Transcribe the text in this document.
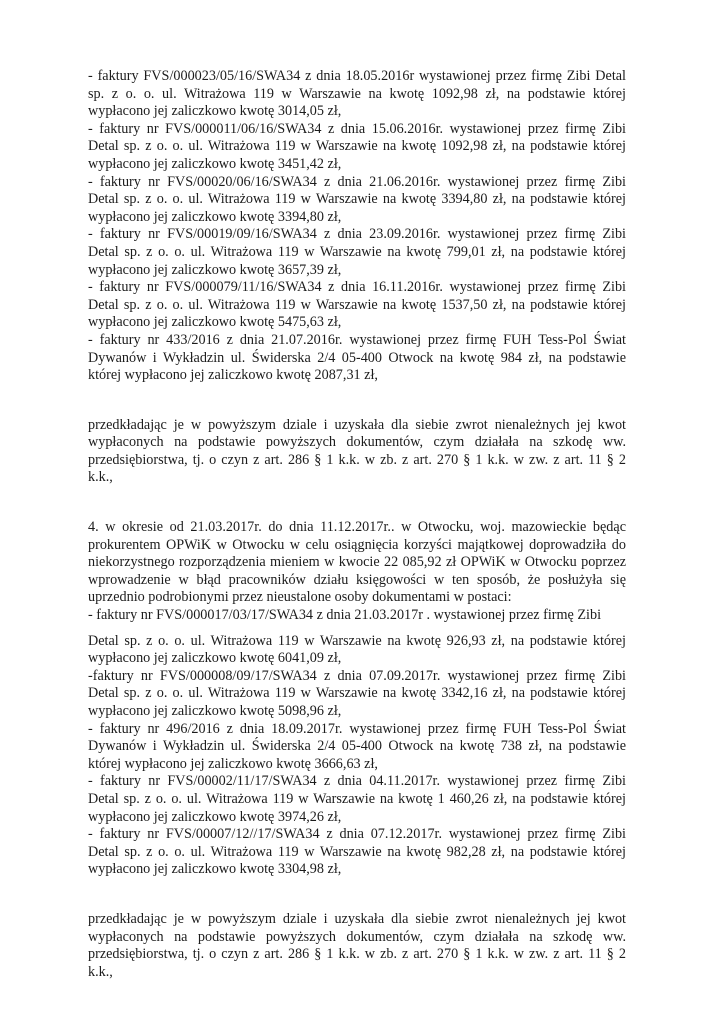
- faktury FVS/000023/05/16/SWA34 z dnia 18.05.2016r wystawionej przez firmę Zibi Detal
sp. z o. o. ul. Witrażowa 119 w Warszawie na kwotę 1092,98 zł, na podstawie której
wypłacono jej zaliczkowo kwotę 3014,05 zł,
- faktury nr FVS/000011/06/16/SWA34 z dnia 15.06.2016r. wystawionej przez firmę Zibi
Detal sp. z o. o. ul. Witrażowa 119 w Warszawie na kwotę 1092,98 zł, na podstawie której
wypłacono jej zaliczkowo kwotę 3451,42 zł,
- faktury nr FVS/00020/06/16/SWA34 z dnia 21.06.2016r. wystawionej przez firmę Zibi
Detal sp. z o. o. ul. Witrażowa 119 w Warszawie na kwotę 3394,80 zł, na podstawie której
wypłacono jej zaliczkowo kwotę 3394,80 zł,
- faktury nr FVS/00019/09/16/SWA34 z dnia 23.09.2016r. wystawionej przez firmę Zibi
Detal sp. z o. o. ul. Witrażowa 119 w Warszawie na kwotę 799,01 zł, na podstawie której
wypłacono jej zaliczkowo kwotę 3657,39 zł,
- faktury nr FVS/000079/11/16/SWA34 z dnia 16.11.2016r. wystawionej przez firmę Zibi
Detal sp. z o. o. ul. Witrażowa 119 w Warszawie na kwotę 1537,50 zł, na podstawie której
wypłacono jej zaliczkowo kwotę 5475,63 zł,
- faktury nr 433/2016 z dnia 21.07.2016r. wystawionej przez firmę FUH Tess-Pol Świat
Dywanów i Wykładzin ul. Świderska 2/4 05-400 Otwock na kwotę 984 zł, na podstawie
której wypłacono jej zaliczkowo kwotę 2087,31 zł,
przedkładając je w powyższym dziale i uzyskała dla siebie zwrot nienależnych jej kwot
wypłaconych na podstawie powyższych dokumentów, czym działała na szkodę ww.
przedsiębiorstwa, tj. o czyn z art. 286 § 1 k.k. w zb. z art. 270 § 1 k.k. w zw. z art. 11 § 2
k.k.,
4. w okresie od 21.03.2017r. do dnia 11.12.2017r.. w Otwocku, woj. mazowieckie będąc
prokurentem OPWiK w Otwocku w celu osiągnięcia korzyści majątkowej doprowadziła do
niekorzystnego rozporządzenia mieniem w kwocie 22 085,92 zł OPWiK w Otwocku poprzez
wprowadzenie w błąd pracowników działu księgowości w ten sposób, że posłużyła się
uprzednio podrobionymi przez nieustalone osoby dokumentami w postaci:
- faktury nr FVS/000017/03/17/SWA34 z dnia 21.03.2017r . wystawionej przez firmę Zibi
Detal sp. z o. o. ul. Witrażowa 119 w Warszawie na kwotę 926,93 zł, na podstawie której
wypłacono jej zaliczkowo kwotę 6041,09 zł,
-faktury nr FVS/000008/09/17/SWA34 z dnia 07.09.2017r. wystawionej przez firmę Zibi
Detal sp. z o. o. ul. Witrażowa 119 w Warszawie na kwotę 3342,16 zł, na podstawie której
wypłacono jej zaliczkowo kwotę 5098,96 zł,
- faktury nr 496/2016 z dnia 18.09.2017r. wystawionej przez firmę FUH Tess-Pol Świat
Dywanów i Wykładzin ul. Świderska 2/4 05-400 Otwock na kwotę 738 zł, na podstawie
której wypłacono jej zaliczkowo kwotę 3666,63 zł,
- faktury nr FVS/00002/11/17/SWA34 z dnia 04.11.2017r. wystawionej przez firmę Zibi
Detal sp. z o. o. ul. Witrażowa 119 w Warszawie na kwotę 1 460,26 zł, na podstawie której
wypłacono jej zaliczkowo kwotę 3974,26 zł,
- faktury nr FVS/00007/12//17/SWA34 z dnia 07.12.2017r. wystawionej przez firmę Zibi
Detal sp. z o. o. ul. Witrażowa 119 w Warszawie na kwotę 982,28 zł, na podstawie której
wypłacono jej zaliczkowo kwotę 3304,98 zł,
przedkładając je w powyższym dziale i uzyskała dla siebie zwrot nienależnych jej kwot
wypłaconych na podstawie powyższych dokumentów, czym działała na szkodę ww.
przedsiębiorstwa, tj. o czyn z art. 286 § 1 k.k. w zb. z art. 270 § 1 k.k. w zw. z art. 11 § 2
k.k.,
